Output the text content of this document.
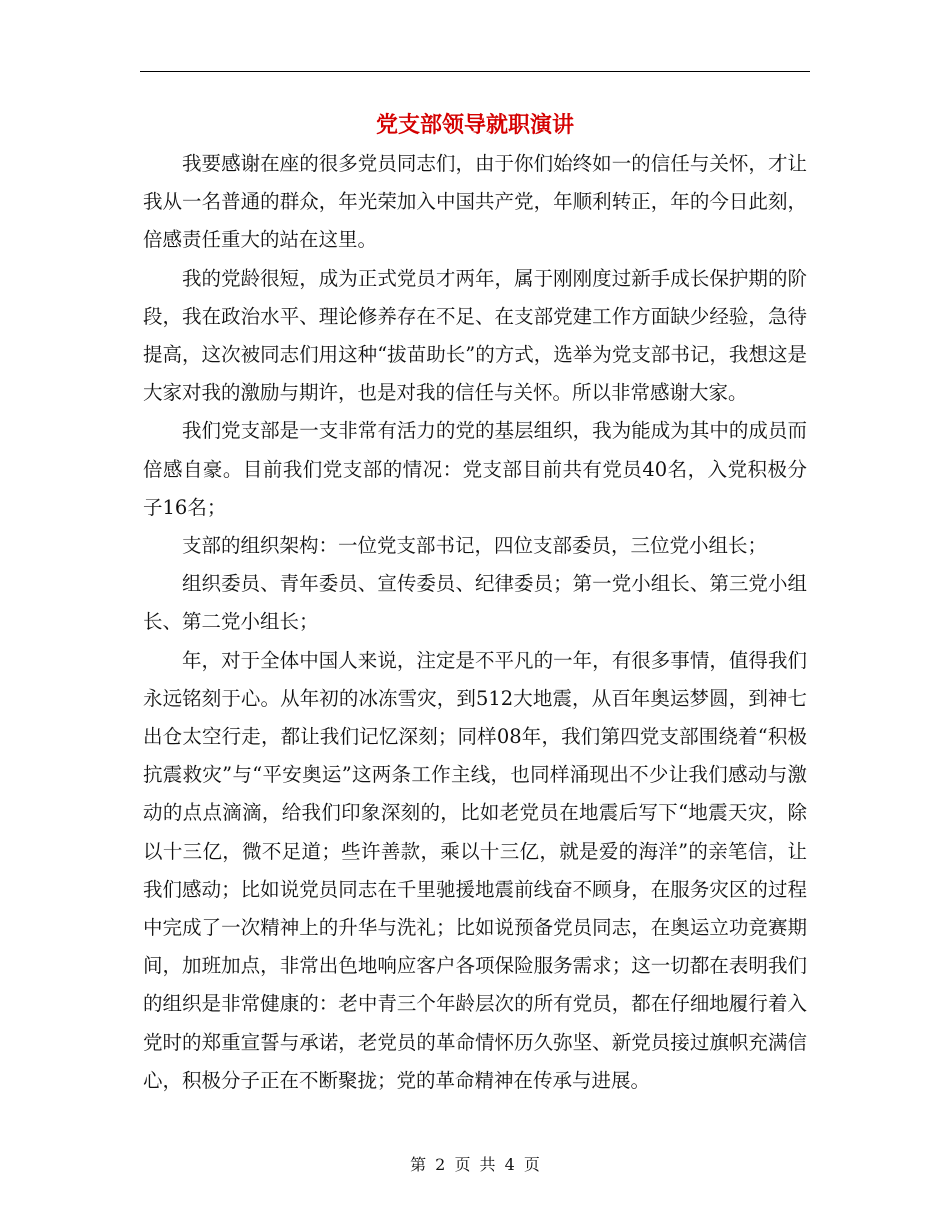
党支部领导就职演讲

我要感谢在座的很多党员同志们，由于你们始终如一的信任与关怀，才让我从一名普通的群众，年光荣加入中国共产党，年顺利转正，年的今日此刻，倍感责任重大的站在这里。

我的党龄很短，成为正式党员才两年，属于刚刚度过新手成长保护期的阶段，我在政治水平、理论修养存在不足、在支部党建工作方面缺少经验，急待提高，这次被同志们用这种“拔苗助长”的方式，选举为党支部书记，我想这是大家对我的激励与期许，也是对我的信任与关怀。所以非常感谢大家。

我们党支部是一支非常有活力的党的基层组织，我为能成为其中的成员而倍感自豪。目前我们党支部的情况：党支部目前共有党员40名，入党积极分子16名；

支部的组织架构：一位党支部书记，四位支部委员，三位党小组长；

组织委员、青年委员、宣传委员、纪律委员；第一党小组长、第三党小组长、第二党小组长；

年，对于全体中国人来说，注定是不平凡的一年，有很多事情，值得我们永远铭刻于心。从年初的冰冻雪灾，到512大地震，从百年奥运梦圆，到神七出仓太空行走，都让我们记忆深刻；同样08年，我们第四党支部围绕着“积极抗震救灾”与“平安奥运”这两条工作主线，也同样涌现出不少让我们感动与激动的点点滴滴，给我们印象深刻的，比如老党员在地震后写下“地震天灾，除以十三亿，微不足道；些许善款，乘以十三亿，就是爱的海洋”的亲笔信，让我们感动；比如说党员同志在千里驰援地震前线奋不顾身，在服务灾区的过程中完成了一次精神上的升华与洗礼；比如说预备党员同志，在奥运立功竞赛期间，加班加点，非常出色地响应客户各项保险服务需求；这一切都在表明我们的组织是非常健康的：老中青三个年龄层次的所有党员，都在仔细地履行着入党时的郑重宣誓与承诺，老党员的革命情怀历久弥坚、新党员接过旗帜充满信心，积极分子正在不断聚拢；党的革命精神在传承与进展。

第 2 页 共 4 页
